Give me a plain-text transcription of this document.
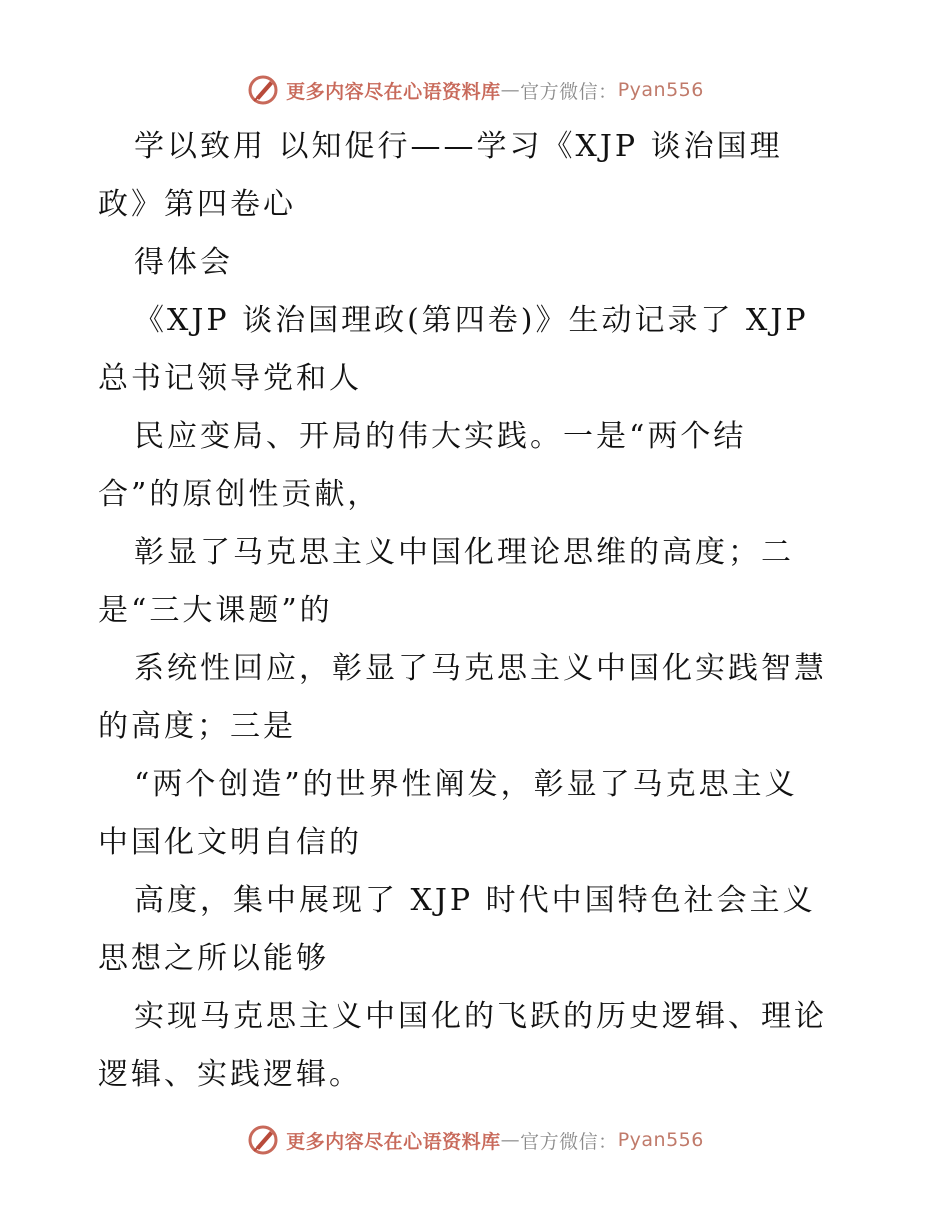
更多内容尽在心语资料库 — 官方微信： Pyan556
学以致用 以知促行——学习《XJP 谈治国理
政》第四卷心
得体会
《XJP 谈治国理政(第四卷)》生动记录了 XJP
总书记领导党和人
民应变局、开局的伟大实践。一是“两个结
合”的原创性贡献，
彰显了马克思主义中国化理论思维的高度；二
是“三大课题”的
系统性回应，彰显了马克思主义中国化实践智慧
的高度；三是
“两个创造”的世界性阐发，彰显了马克思主义
中国化文明自信的
高度，集中展现了 XJP 时代中国特色社会主义
思想之所以能够
实现马克思主义中国化的飞跃的历史逻辑、理论
逻辑、实践逻辑。
更多内容尽在心语资料库 — 官方微信： Pyan556
